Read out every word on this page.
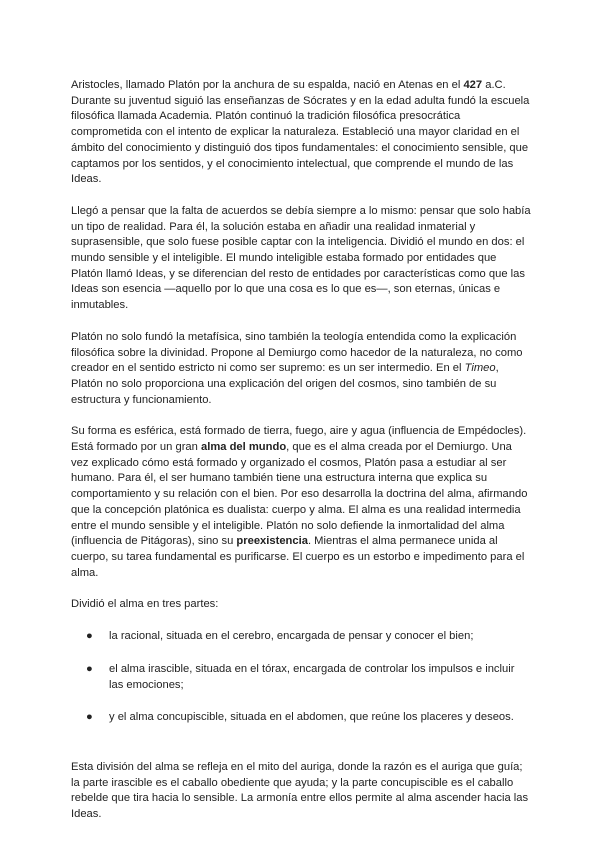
Aristocles, llamado Platón por la anchura de su espalda, nació en Atenas en el 427 a.C. Durante su juventud siguió las enseñanzas de Sócrates y en la edad adulta fundó la escuela filosófica llamada Academia. Platón continuó la tradición filosófica presocrática comprometida con el intento de explicar la naturaleza. Estableció una mayor claridad en el ámbito del conocimiento y distinguió dos tipos fundamentales: el conocimiento sensible, que captamos por los sentidos, y el conocimiento intelectual, que comprende el mundo de las Ideas.

Llegó a pensar que la falta de acuerdos se debía siempre a lo mismo: pensar que solo había un tipo de realidad. Para él, la solución estaba en añadir una realidad inmaterial y suprasensible, que solo fuese posible captar con la inteligencia. Dividió el mundo en dos: el mundo sensible y el inteligible. El mundo inteligible estaba formado por entidades que Platón llamó Ideas, y se diferencian del resto de entidades por características como que las Ideas son esencia —aquello por lo que una cosa es lo que es—, son eternas, únicas e inmutables.

Platón no solo fundó la metafísica, sino también la teología entendida como la explicación filosófica sobre la divinidad. Propone al Demiurgo como hacedor de la naturaleza, no como creador en el sentido estricto ni como ser supremo: es un ser intermedio. En el Timeo, Platón no solo proporciona una explicación del origen del cosmos, sino también de su estructura y funcionamiento.

Su forma es esférica, está formado de tierra, fuego, aire y agua (influencia de Empédocles). Está formado por un gran alma del mundo, que es el alma creada por el Demiurgo. Una vez explicado cómo está formado y organizado el cosmos, Platón pasa a estudiar al ser humano. Para él, el ser humano también tiene una estructura interna que explica su comportamiento y su relación con el bien. Por eso desarrolla la doctrina del alma, afirmando que la concepción platónica es dualista: cuerpo y alma. El alma es una realidad intermedia entre el mundo sensible y el inteligible. Platón no solo defiende la inmortalidad del alma (influencia de Pitágoras), sino su preexistencia. Mientras el alma permanece unida al cuerpo, su tarea fundamental es purificarse. El cuerpo es un estorbo e impedimento para el alma.

Dividió el alma en tres partes:

● la racional, situada en el cerebro, encargada de pensar y conocer el bien;
● el alma irascible, situada en el tórax, encargada de controlar los impulsos e incluir las emociones;
● y el alma concupiscible, situada en el abdomen, que reúne los placeres y deseos.

Esta división del alma se refleja en el mito del auriga, donde la razón es el auriga que guía; la parte irascible es el caballo obediente que ayuda; y la parte concupiscible es el caballo rebelde que tira hacia lo sensible. La armonía entre ellos permite al alma ascender hacia las Ideas.
